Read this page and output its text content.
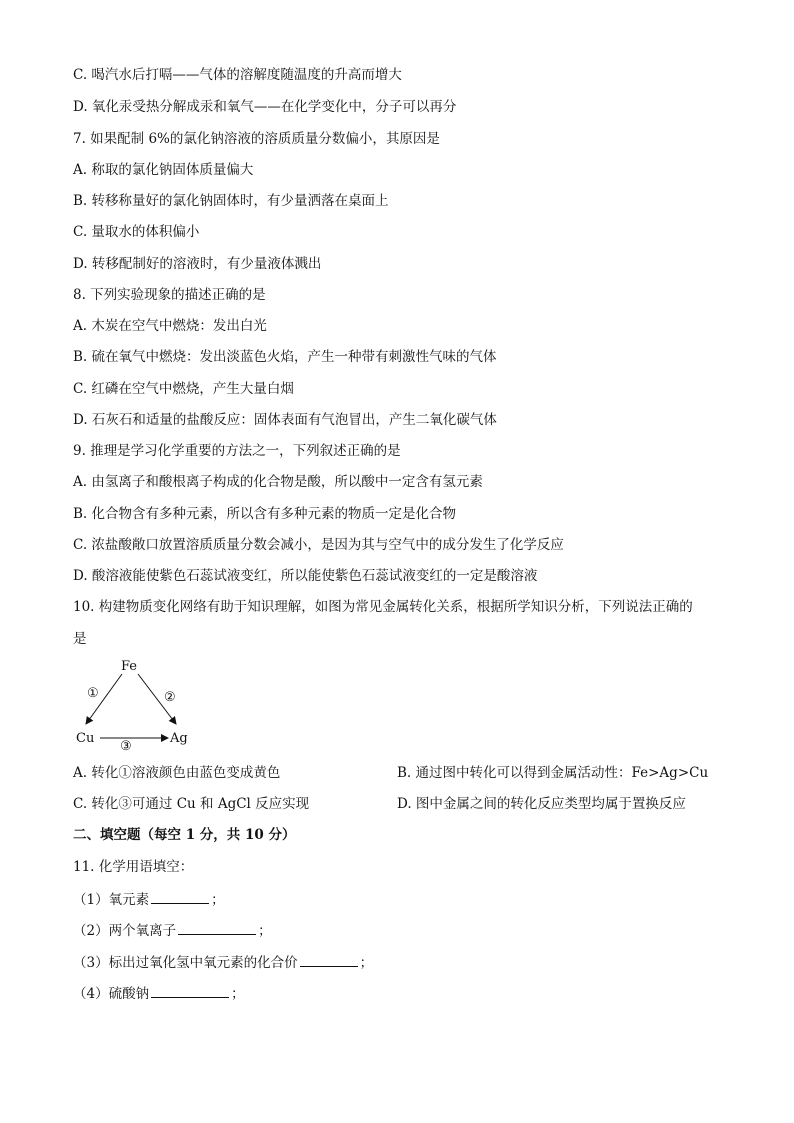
C. 喝汽水后打嗝——气体的溶解度随温度的升高而增大
D. 氧化汞受热分解成汞和氧气——在化学变化中，分子可以再分
7. 如果配制 6%的氯化钠溶液的溶质质量分数偏小，其原因是
A. 称取的氯化钠固体质量偏大
B. 转移称量好的氯化钠固体时，有少量洒落在桌面上
C. 量取水的体积偏小
D. 转移配制好的溶液时，有少量液体溅出
8. 下列实验现象的描述正确的是
A. 木炭在空气中燃烧：发出白光
B. 硫在氧气中燃烧：发出淡蓝色火焰，产生一种带有刺激性气味的气体
C. 红磷在空气中燃烧，产生大量白烟
D. 石灰石和适量的盐酸反应：固体表面有气泡冒出，产生二氧化碳气体
9. 推理是学习化学重要的方法之一，下列叙述正确的是
A. 由氢离子和酸根离子构成的化合物是酸，所以酸中一定含有氢元素
B. 化合物含有多种元素，所以含有多种元素的物质一定是化合物
C. 浓盐酸敞口放置溶质质量分数会减小，是因为其与空气中的成分发生了化学反应
D. 酸溶液能使紫色石蕊试液变红，所以能使紫色石蕊试液变红的一定是酸溶液
10. 构建物质变化网络有助于知识理解，如图为常见金属转化关系，根据所学知识分析，下列说法正确的
是
Fe
Cu	Ag
①	②
③
A. 转化①溶液颜色由蓝色变成黄色	B. 通过图中转化可以得到金属活动性：Fe>Ag>Cu
C. 转化③可通过 Cu 和 AgCl 反应实现	D. 图中金属之间的转化反应类型均属于置换反应
二、填空题（每空 1 分，共 10 分）
11. 化学用语填空：
（1）氧元素	；
（2）两个氧离子	；
（3）标出过氧化氢中氧元素的化合价	；
（4）硫酸钠	；
